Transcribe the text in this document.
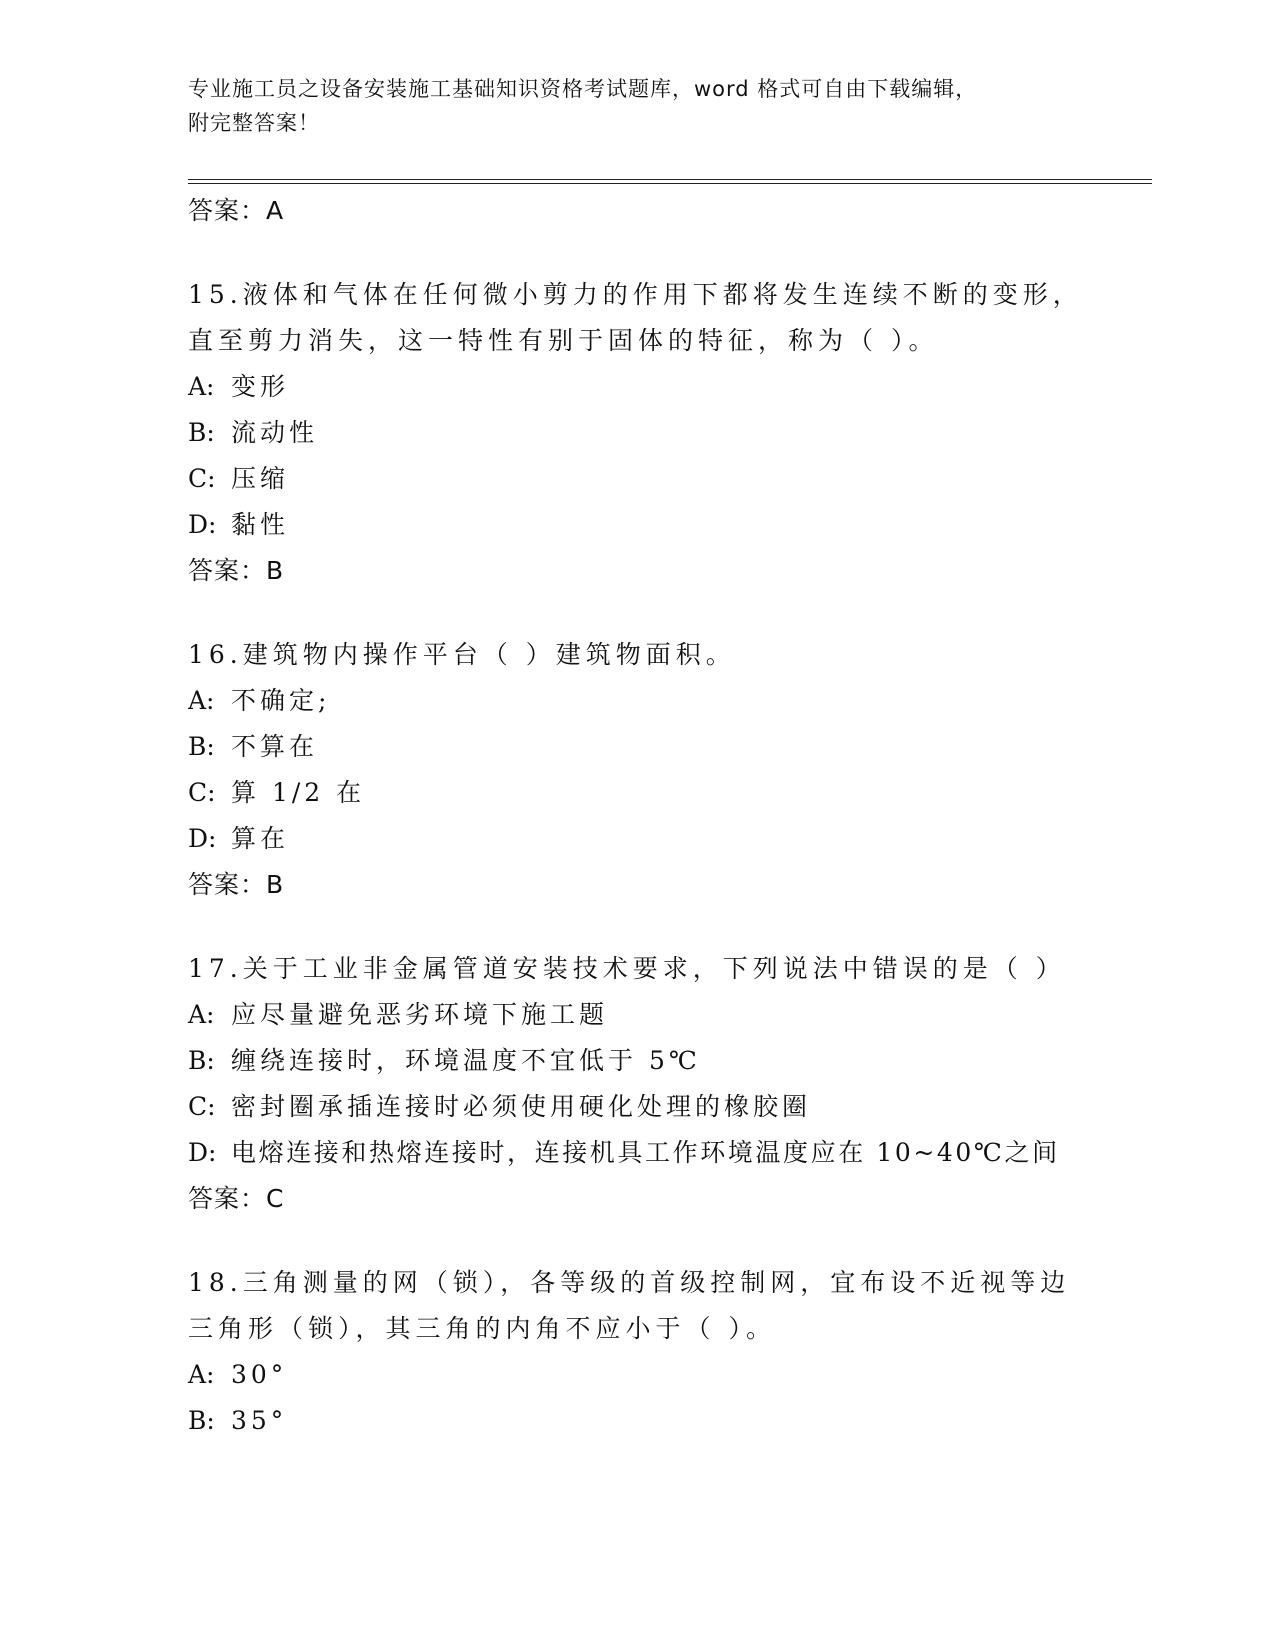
专业施工员之设备安装施工基础知识资格考试题库，word 格式可自由下载编辑，
附完整答案！
答案：A
15.液体和气体在任何微小剪力的作用下都将发生连续不断的变形，直至剪力消失，这一特性有别于固体的特征，称为（ ）。
A: 变形
B: 流动性
C: 压缩
D: 黏性
答案：B
16.建筑物内操作平台（ ）建筑物面积。
A: 不确定;
B: 不算在
C: 算 1/2 在
D: 算在
答案：B
17.关于工业非金属管道安装技术要求，下列说法中错误的是（ ）
A: 应尽量避免恶劣环境下施工题
B: 缠绕连接时，环境温度不宜低于 5℃
C: 密封圈承插连接时必须使用硬化处理的橡胶圈
D: 电熔连接和热熔连接时，连接机具工作环境温度应在 10~40℃之间
答案：C
18.三角测量的网（锁），各等级的首级控制网，宜布设不近视等边三角形（锁），其三角的内角不应小于（ ）。
A: 30°
B: 35°
